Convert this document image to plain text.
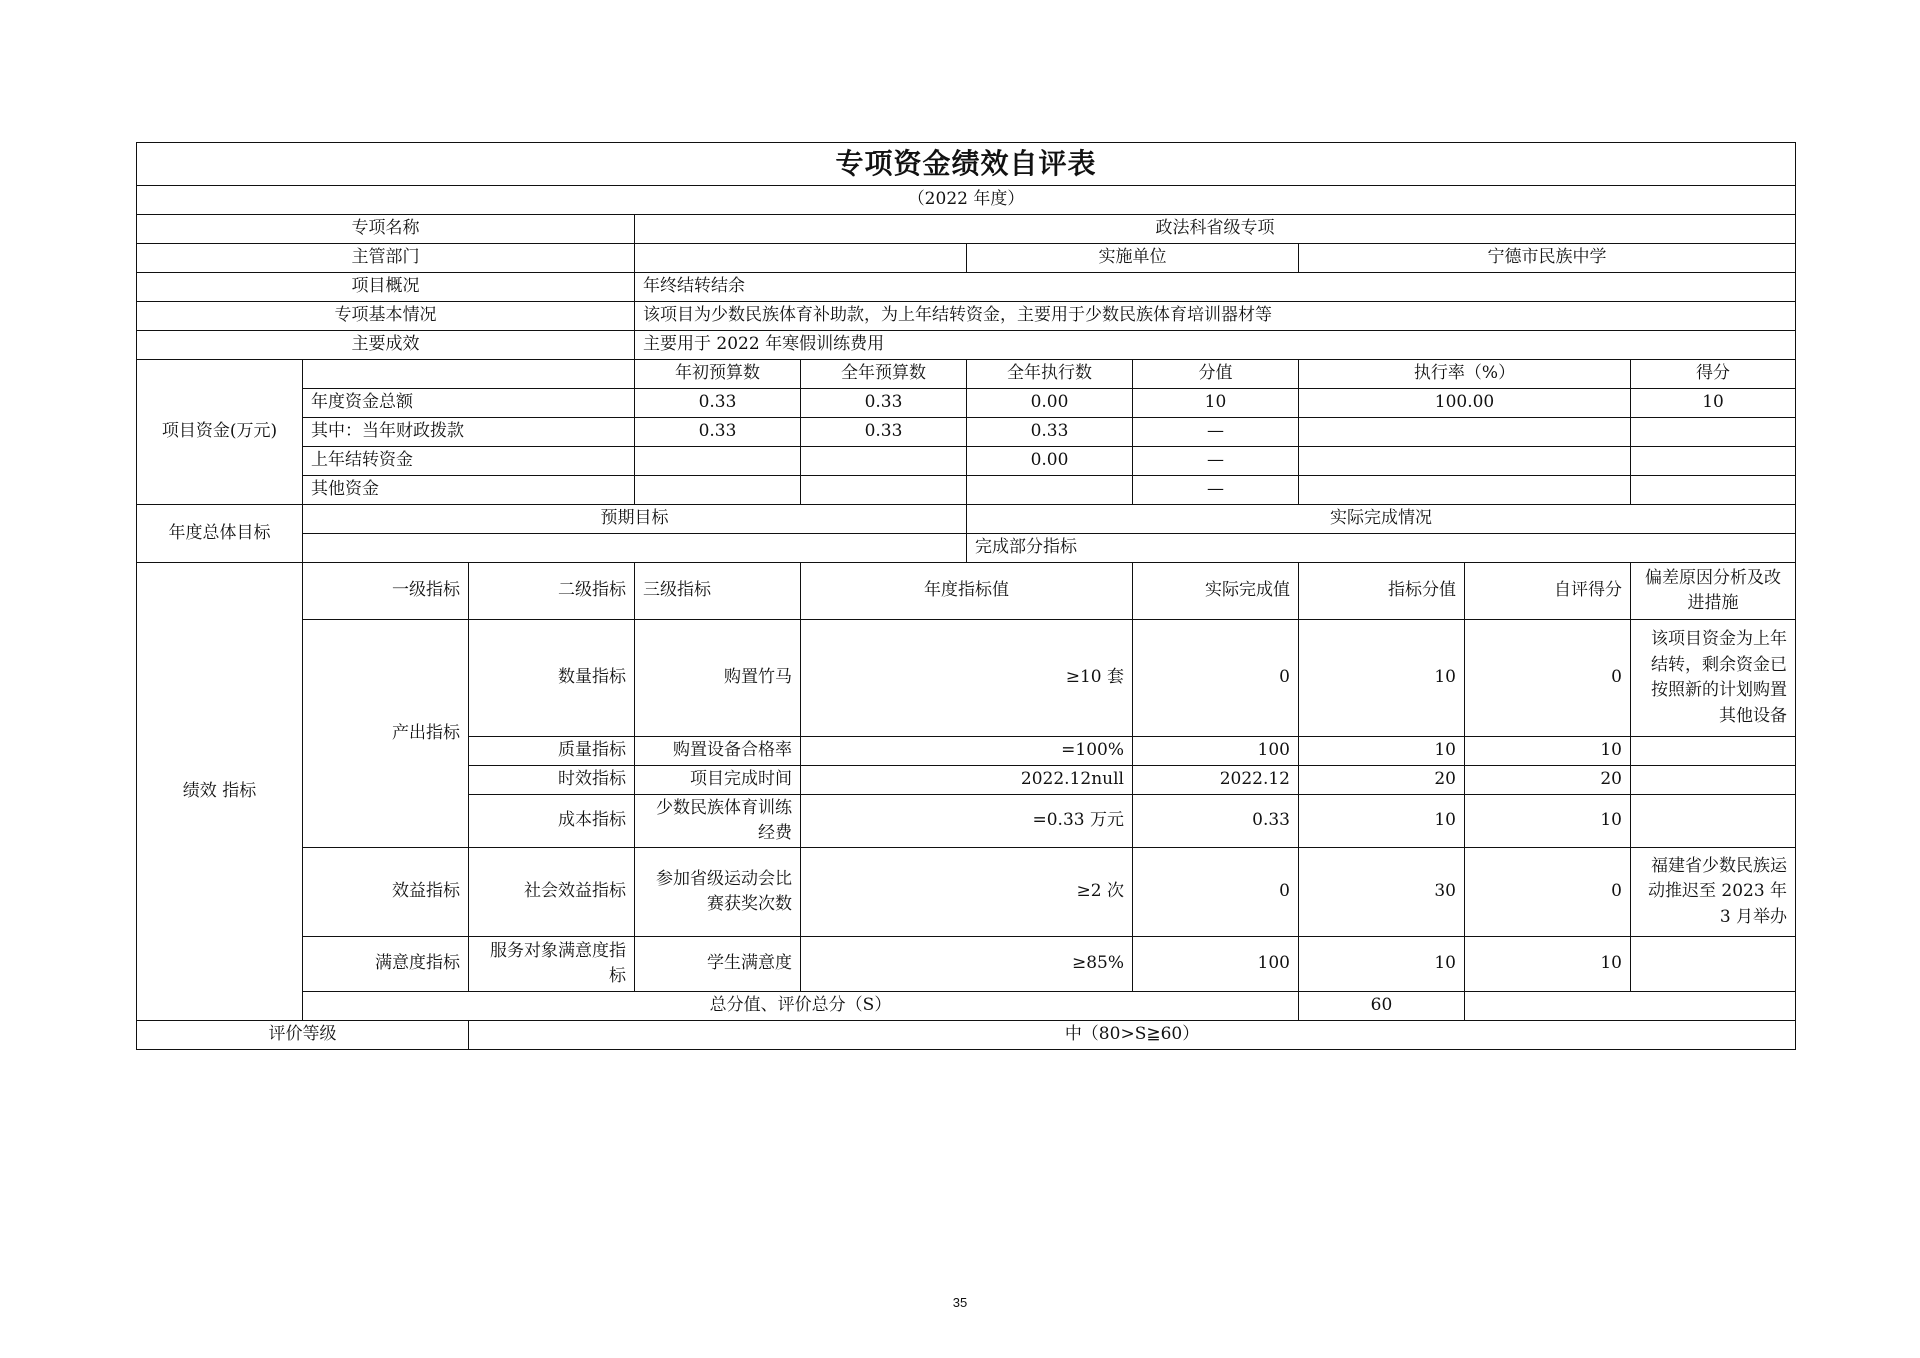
专项资金绩效自评表									
（2022 年度）									
专项名称			政法科省级专项						
主管部门					实施单位		宁德市民族中学		
项目概况			年终结转结余						
专项基本情况			该项目为少数民族体育补助款，为上年结转资金，主要用于少数民族体育培训器材等						
主要成效			主要用于 2022 年寒假训练费用						
项目资金(万元)			年初预算数	全年预算数	全年执行数	分值	执行率（%）		得分
	年度资金总额		0.33	0.33	0.00	10	100.00		10
	其中：当年财政拨款		0.33	0.33	0.33	—			
	上年结转资金				0.00	—			
	其他资金					—			
年度总体目标	预期目标				实际完成情况				
					完成部分指标				
绩效 指标	一级指标	二级指标	三级指标	年度指标值		实际完成值	指标分值	自评得分	偏差原因分析及改进措施
	产出指标	数量指标	购置竹马	≥10 套		0	10	0	该项目资金为上年结转，剩余资金已按照新的计划购置其他设备
		质量指标	购置设备合格率	=100%		100	10	10	
		时效指标	项目完成时间	2022.12null		2022.12	20	20	
		成本指标	少数民族体育训练经费	=0.33 万元		0.33	10	10	
	效益指标	社会效益指标	参加省级运动会比赛获奖次数	≥2 次		0	30	0	福建省少数民族运动推迟至 2023 年 3 月举办
	满意度指标	服务对象满意度指标	学生满意度	≥85%		100	10	10	
	总分值、评价总分（S）						60		
评价等级		中（80>S≧60）							
35
